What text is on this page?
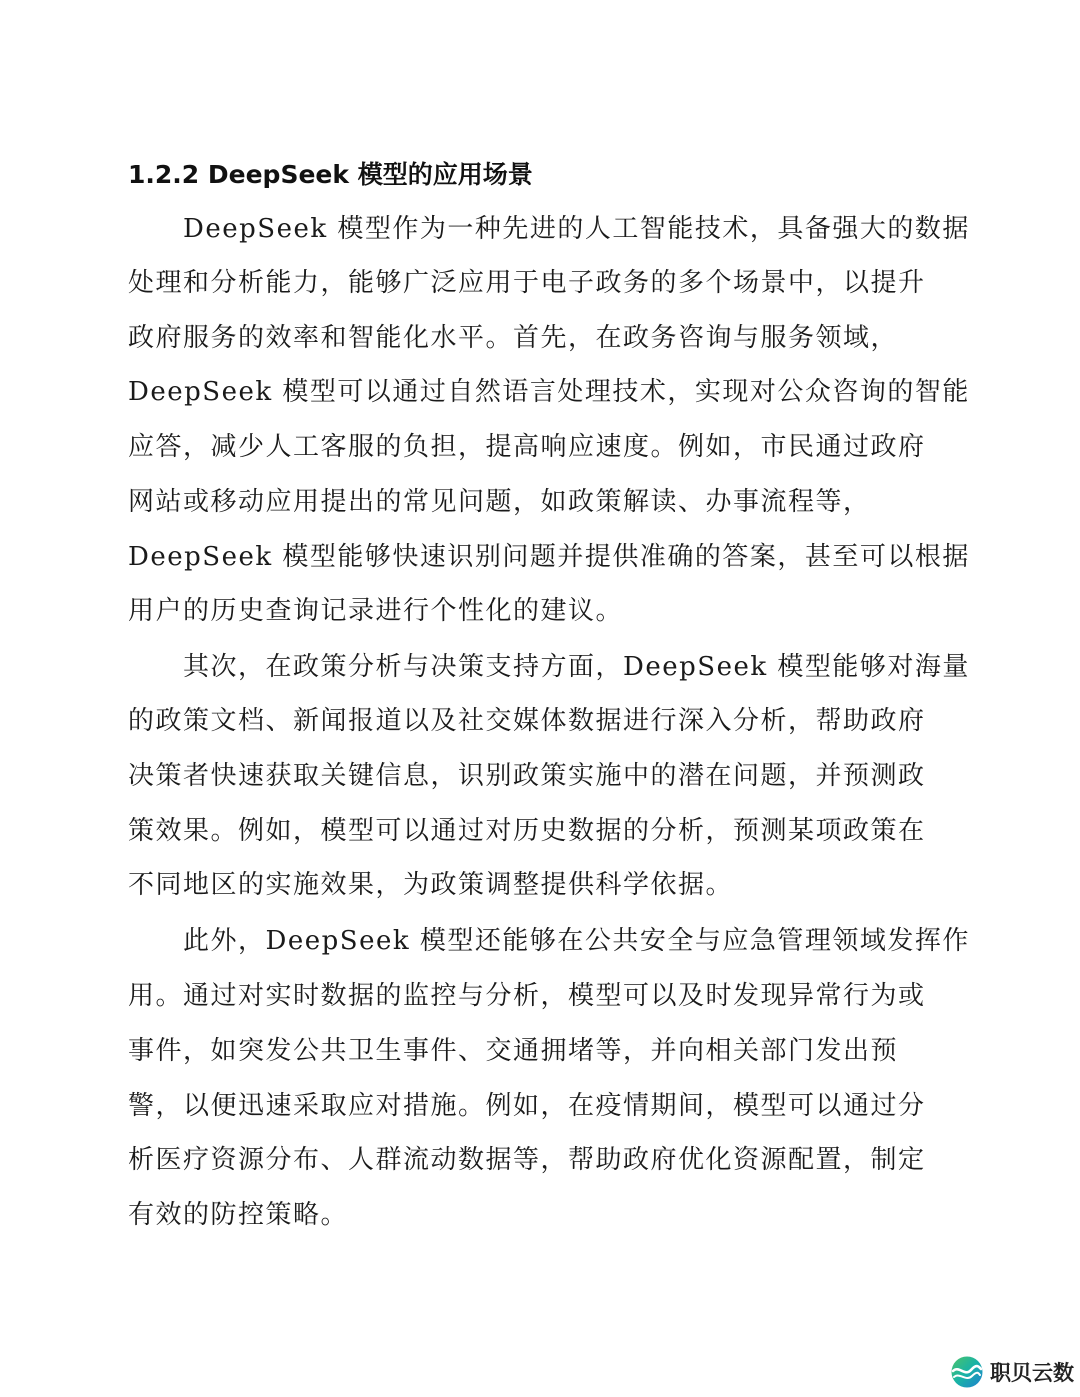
1.2.2 DeepSeek 模型的应用场景
DeepSeek 模型作为一种先进的人工智能技术，具备强大的数据
处理和分析能力，能够广泛应用于电子政务的多个场景中，以提升
政府服务的效率和智能化水平。首先，在政务咨询与服务领域，
DeepSeek 模型可以通过自然语言处理技术，实现对公众咨询的智能
应答，减少人工客服的负担，提高响应速度。例如，市民通过政府
网站或移动应用提出的常见问题，如政策解读、办事流程等，
DeepSeek 模型能够快速识别问题并提供准确的答案，甚至可以根据
用户的历史查询记录进行个性化的建议。
其次，在政策分析与决策支持方面，DeepSeek 模型能够对海量
的政策文档、新闻报道以及社交媒体数据进行深入分析，帮助政府
决策者快速获取关键信息，识别政策实施中的潜在问题，并预测政
策效果。例如，模型可以通过对历史数据的分析，预测某项政策在
不同地区的实施效果，为政策调整提供科学依据。
此外，DeepSeek 模型还能够在公共安全与应急管理领域发挥作
用。通过对实时数据的监控与分析，模型可以及时发现异常行为或
事件，如突发公共卫生事件、交通拥堵等，并向相关部门发出预
警，以便迅速采取应对措施。例如，在疫情期间，模型可以通过分
析医疗资源分布、人群流动数据等，帮助政府优化资源配置，制定
有效的防控策略。
职贝云数
